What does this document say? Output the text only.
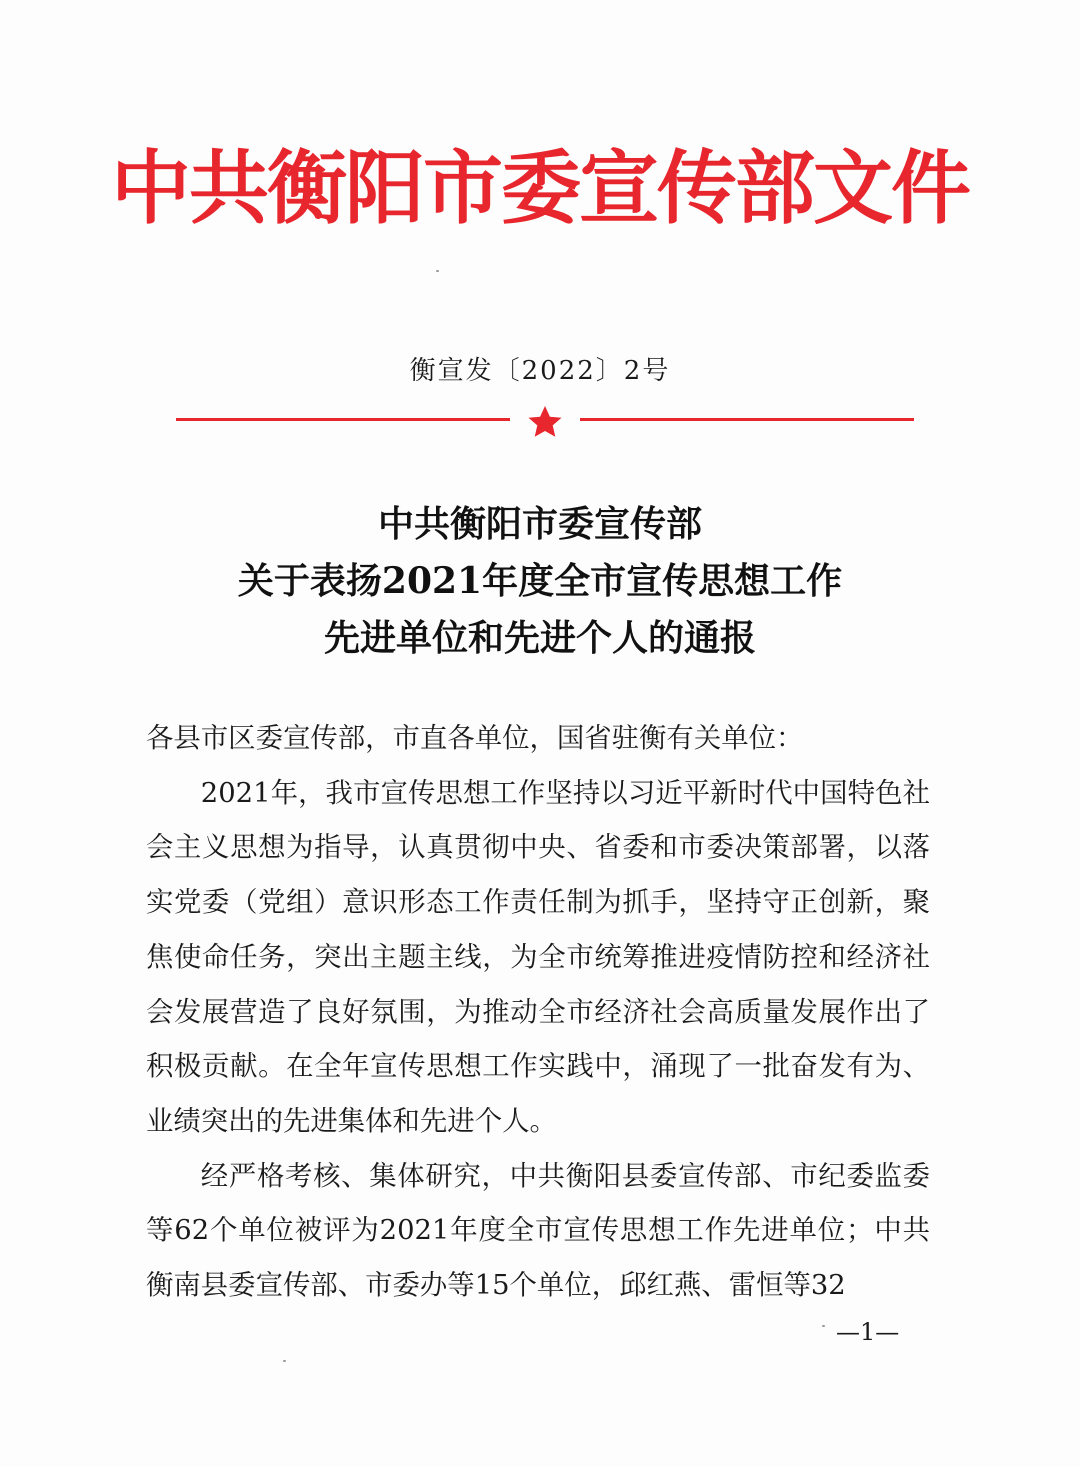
中共衡阳市委宣传部文件
衡宣发〔2022〕2号
中共衡阳市委宣传部
关于表扬2021年度全市宣传思想工作
先进单位和先进个人的通报

各县市区委宣传部，市直各单位，国省驻衡有关单位：

2021年，我市宣传思想工作坚持以习近平新时代中国特色社会主义思想为指导，认真贯彻中央、省委和市委决策部署，以落实党委（党组）意识形态工作责任制为抓手，坚持守正创新，聚焦使命任务，突出主题主线，为全市统筹推进疫情防控和经济社会发展营造了良好氛围，为推动全市经济社会高质量发展作出了积极贡献。在全年宣传思想工作实践中，涌现了一批奋发有为、业绩突出的先进集体和先进个人。

经严格考核、集体研究，中共衡阳县委宣传部、市纪委监委等62个单位被评为2021年度全市宣传思想工作先进单位；中共衡南县委宣传部、市委办等15个单位，邱红燕、雷恒等32

—1—
